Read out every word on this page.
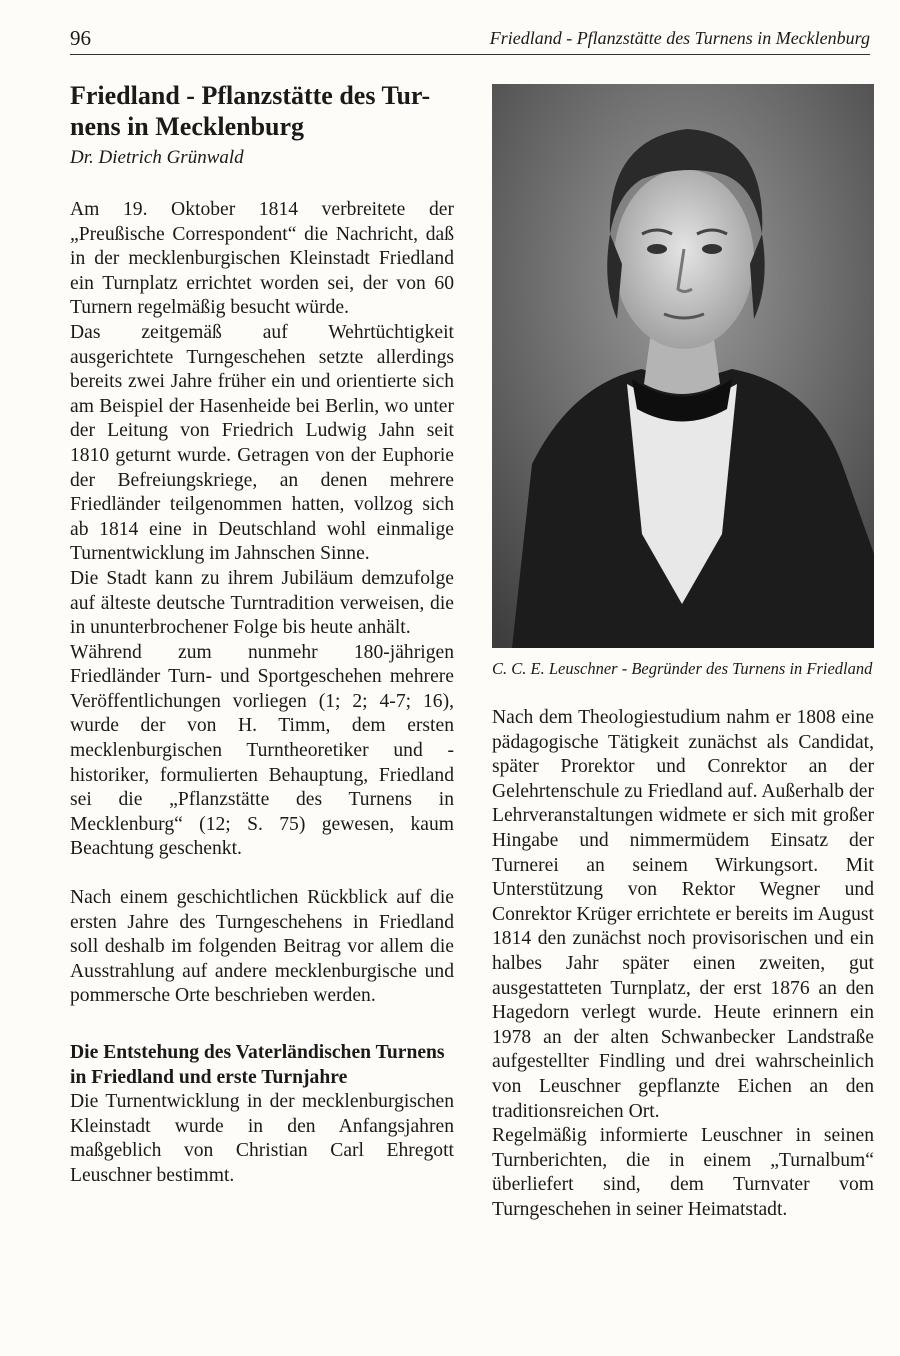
96	Friedland - Pflanzstätte des Turnens in Mecklenburg
Friedland - Pflanzstätte des Tur-
nens in Mecklenburg

Dr. Dietrich Grünwald

Am 19. Oktober 1814 verbreitete der „Preußische Correspondent“ die Nachricht, daß in der mecklenburgischen Kleinstadt Friedland ein Turnplatz errichtet worden sei, der von 60 Turnern regelmäßig besucht würde.

Das zeitgemäß auf Wehrtüchtigkeit ausgerichtete Turngeschehen setzte allerdings bereits zwei Jahre früher ein und orientierte sich am Beispiel der Hasenheide bei Berlin, wo unter der Leitung von Friedrich Ludwig Jahn seit 1810 geturnt wurde. Getragen von der Euphorie der Befreiungskriege, an denen mehrere Friedländer teilgenommen hatten, vollzog sich ab 1814 eine in Deutschland wohl einmalige Turnentwicklung im Jahnschen Sinne.

Die Stadt kann zu ihrem Jubiläum demzufolge auf älteste deutsche Turntradition verweisen, die in ununterbrochener Folge bis heute anhält.

Während zum nunmehr 180-jährigen Friedländer Turn- und Sportgeschehen mehrere Veröffentlichungen vorliegen (1; 2; 4-7; 16), wurde der von H. Timm, dem ersten mecklenburgischen Turntheoretiker und -historiker, formulierten Behauptung, Friedland sei die „Pflanzstätte des Turnens in Mecklenburg“ (12; S. 75) gewesen, kaum Beachtung geschenkt.

Nach einem geschichtlichen Rückblick auf die ersten Jahre des Turngeschehens in Friedland soll deshalb im folgenden Beitrag vor allem die Ausstrahlung auf andere mecklenburgische und pommersche Orte beschrieben werden.

Die Entstehung des Vaterländischen Turnens in Friedland und erste Turnjahre

Die Turnentwicklung in der mecklenburgischen Kleinstadt wurde in den Anfangsjahren maßgeblich von Christian Carl Ehregott Leuschner bestimmt.

C. C. E. Leuschner - Begründer des Turnens in Friedland

Nach dem Theologiestudium nahm er 1808 eine pädagogische Tätigkeit zunächst als Candidat, später Prorektor und Conrektor an der Gelehrtenschule zu Friedland auf. Außerhalb der Lehrveranstaltungen widmete er sich mit großer Hingabe und nimmermüdem Einsatz der Turnerei an seinem Wirkungsort. Mit Unterstützung von Rektor Wegner und Conrektor Krüger errichtete er bereits im August 1814 den zunächst noch provisorischen und ein halbes Jahr später einen zweiten, gut ausgestatteten Turnplatz, der erst 1876 an den Hagedorn verlegt wurde. Heute erinnern ein 1978 an der alten Schwanbecker Landstraße aufgestellter Findling und drei wahrscheinlich von Leuschner gepflanzte Eichen an den traditionsreichen Ort.

Regelmäßig informierte Leuschner in seinen Turnberichten, die in einem „Turnalbum“ überliefert sind, dem Turnvater vom Turngeschehen in seiner Heimatstadt.
